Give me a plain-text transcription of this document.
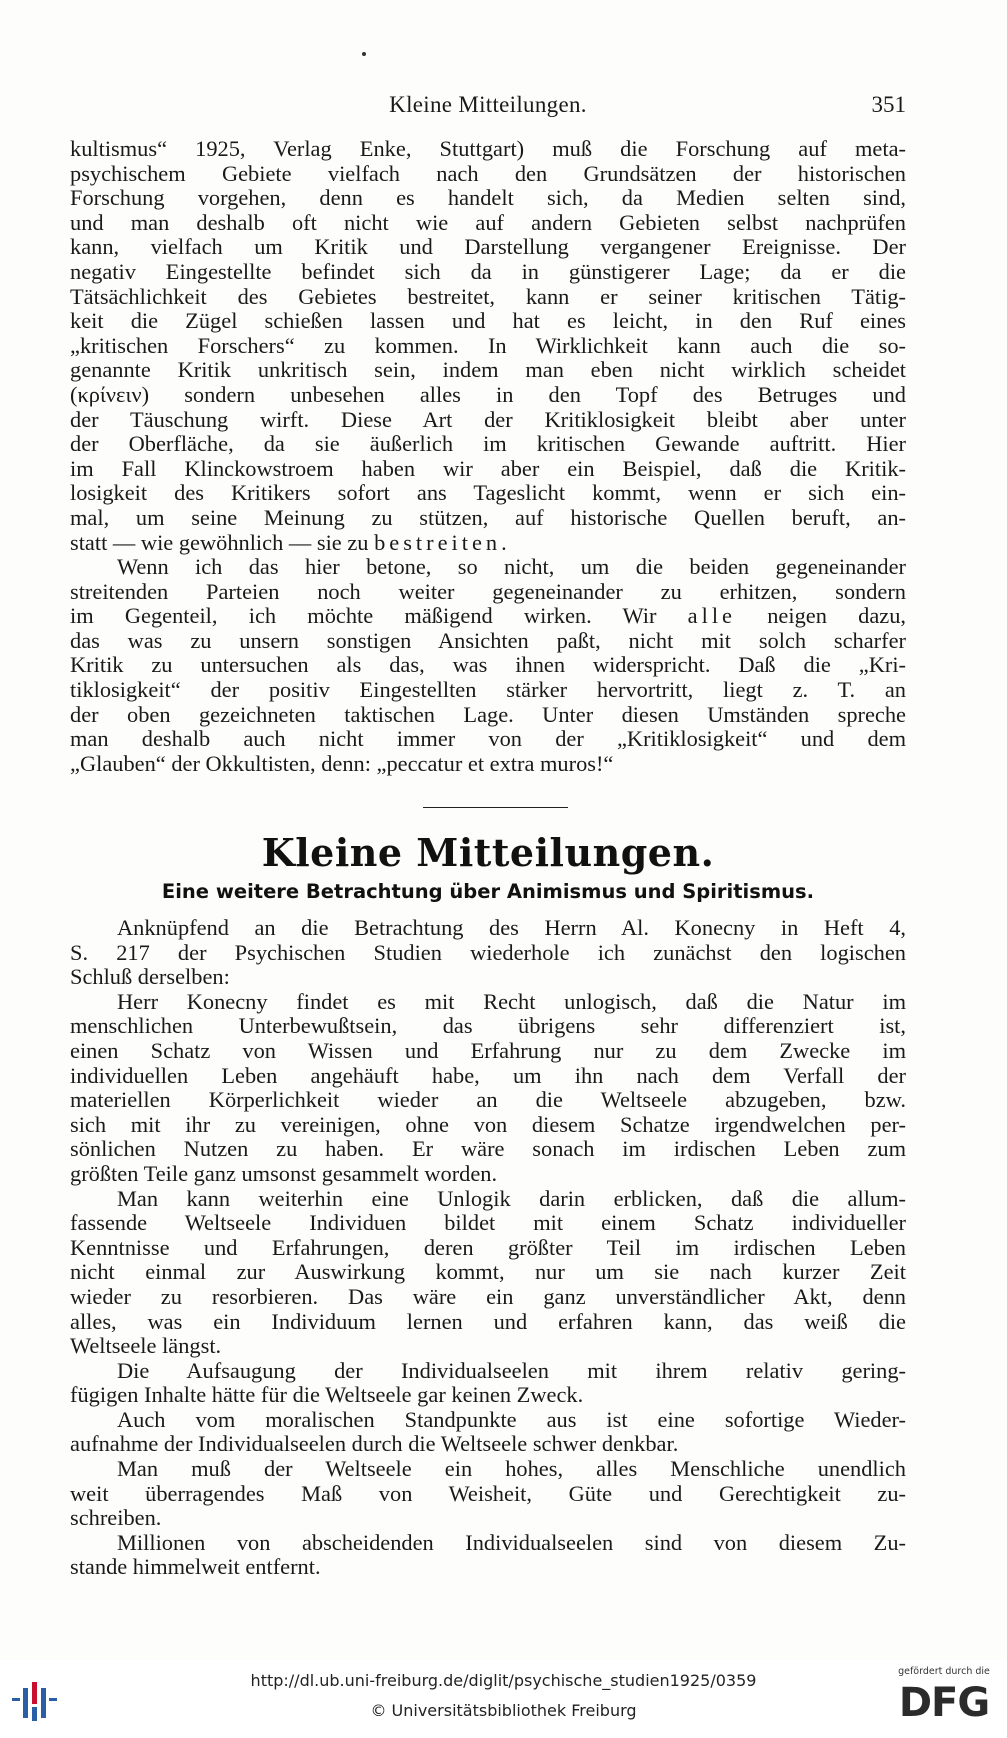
Kleine Mitteilungen.	351
kultismus“ 1925, Verlag Enke, Stuttgart) muß die Forschung auf meta-
psychischem Gebiete vielfach nach den Grundsätzen der historischen
Forschung vorgehen, denn es handelt sich, da Medien selten sind,
und man deshalb oft nicht wie auf andern Gebieten selbst nachprüfen
kann, vielfach um Kritik und Darstellung vergangener Ereignisse. Der
negativ Eingestellte befindet sich da in günstigerer Lage; da er die
Tätsächlichkeit des Gebietes bestreitet, kann er seiner kritischen Tätig-
keit die Zügel schießen lassen und hat es leicht, in den Ruf eines
„kritischen Forschers“ zu kommen. In Wirklichkeit kann auch die so-
genannte Kritik unkritisch sein, indem man eben nicht wirklich scheidet
(κρίνειν) sondern unbesehen alles in den Topf des Betruges und
der Täuschung wirft. Diese Art der Kritiklosigkeit bleibt aber unter
der Oberfläche, da sie äußerlich im kritischen Gewande auftritt. Hier
im Fall Klinckowstroem haben wir aber ein Beispiel, daß die Kritik-
losigkeit des Kritikers sofort ans Tageslicht kommt, wenn er sich ein-
mal, um seine Meinung zu stützen, auf historische Quellen beruft, an-
statt — wie gewöhnlich — sie zu bestreiten.
Wenn ich das hier betone, so nicht, um die beiden gegeneinander
streitenden Parteien noch weiter gegeneinander zu erhitzen, sondern
im Gegenteil, ich möchte mäßigend wirken. Wir alle neigen dazu,
das was zu unsern sonstigen Ansichten paßt, nicht mit solch scharfer
Kritik zu untersuchen als das, was ihnen widerspricht. Daß die „Kri-
tiklosigkeit“ der positiv Eingestellten stärker hervortritt, liegt z. T. an
der oben gezeichneten taktischen Lage. Unter diesen Umständen spreche
man deshalb auch nicht immer von der „Kritiklosigkeit“ und dem
„Glauben“ der Okkultisten, denn: „peccatur et extra muros!“
Kleine Mitteilungen.
Eine weitere Betrachtung über Animismus und Spiritismus.
Anknüpfend an die Betrachtung des Herrn Al. Konecny in Heft 4,
S. 217 der Psychischen Studien wiederhole ich zunächst den logischen
Schluß derselben:
Herr Konecny findet es mit Recht unlogisch, daß die Natur im
menschlichen Unterbewußtsein, das übrigens sehr differenziert ist,
einen Schatz von Wissen und Erfahrung nur zu dem Zwecke im
individuellen Leben angehäuft habe, um ihn nach dem Verfall der
materiellen Körperlichkeit wieder an die Weltseele abzugeben, bzw.
sich mit ihr zu vereinigen, ohne von diesem Schatze irgendwelchen per-
sönlichen Nutzen zu haben. Er wäre sonach im irdischen Leben zum
größten Teile ganz umsonst gesammelt worden.
Man kann weiterhin eine Unlogik darin erblicken, daß die allum-
fassende Weltseele Individuen bildet mit einem Schatz individueller
Kenntnisse und Erfahrungen, deren größter Teil im irdischen Leben
nicht einmal zur Auswirkung kommt, nur um sie nach kurzer Zeit
wieder zu resorbieren. Das wäre ein ganz unverständlicher Akt, denn
alles, was ein Individuum lernen und erfahren kann, das weiß die
Weltseele längst.
Die Aufsaugung der Individualseelen mit ihrem relativ gering-
fügigen Inhalte hätte für die Weltseele gar keinen Zweck.
Auch vom moralischen Standpunkte aus ist eine sofortige Wieder-
aufnahme der Individualseelen durch die Weltseele schwer denkbar.
Man muß der Weltseele ein hohes, alles Menschliche unendlich
weit überragendes Maß von Weisheit, Güte und Gerechtigkeit zu-
schreiben.
Millionen von abscheidenden Individualseelen sind von diesem Zu-
stande himmelweit entfernt.
http://dl.ub.uni-freiburg.de/diglit/psychische_studien1925/0359
© Universitätsbibliothek Freiburg
gefördert durch die
DFG
